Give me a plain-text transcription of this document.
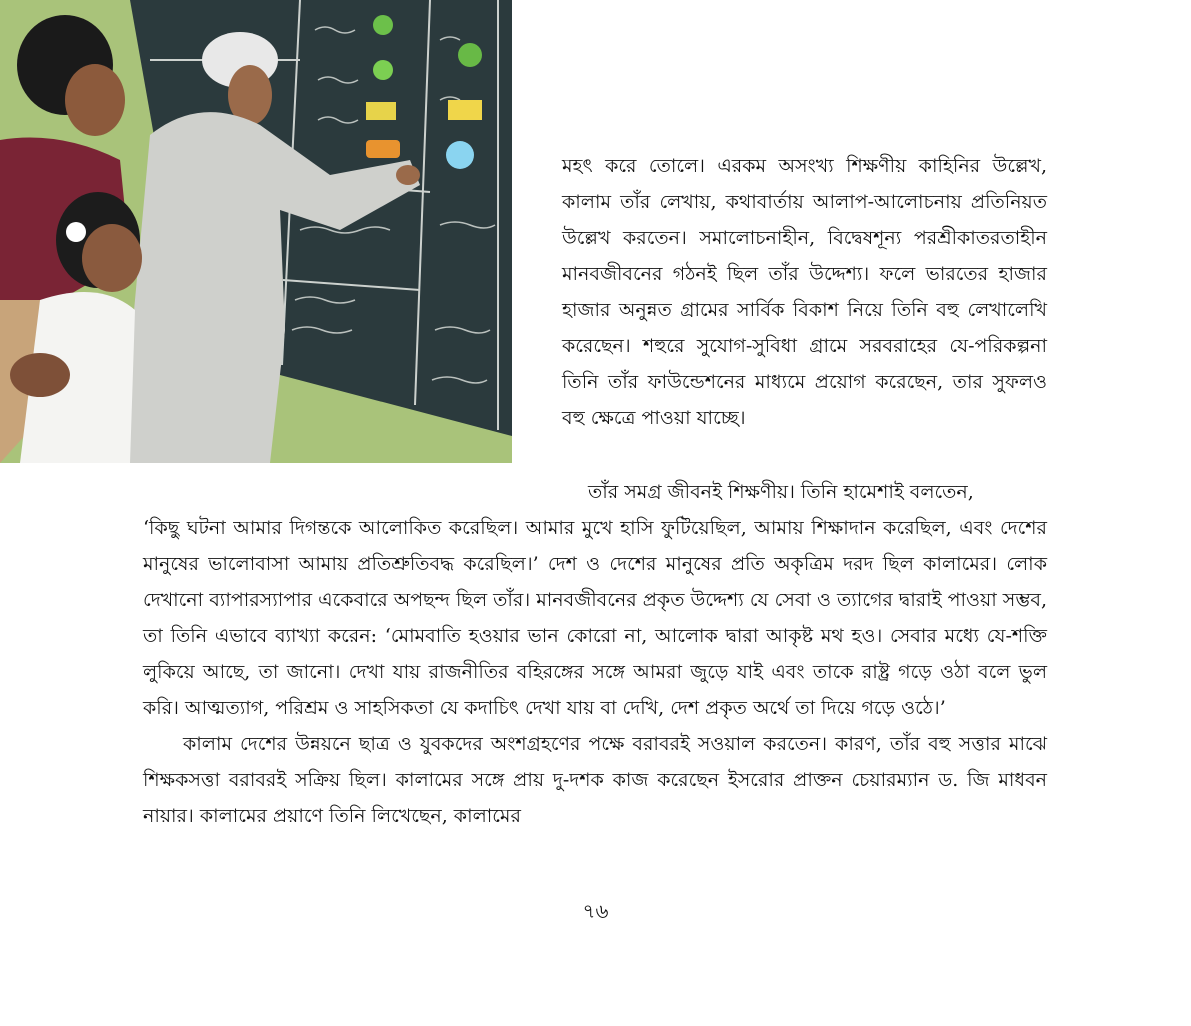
মহৎ করে তোলে। এরকম অসংখ্য শিক্ষণীয় কাহিনির উল্লেখ, কালাম তাঁর লেখায়, কথাবার্তায় আলাপ-আলোচনায় প্রতিনিয়ত উল্লেখ করতেন। সমালোচনাহীন, বিদ্বেষশূন্য পরশ্রীকাতরতাহীন মানবজীবনের গঠনই ছিল তাঁর উদ্দেশ্য। ফলে ভারতের হাজার হাজার অনুন্নত গ্রামের সার্বিক বিকাশ নিয়ে তিনি বহু লেখালেখি করেছেন। শহুরে সুযোগ-সুবিধা গ্রামে সরবরাহের যে-পরিকল্পনা তিনি তাঁর ফাউন্ডেশনের মাধ্যমে প্রয়োগ করেছেন, তার সুফলও বহু ক্ষেত্রে পাওয়া যাচ্ছে।

তাঁর সমগ্র জীবনই শিক্ষণীয়। তিনি হামেশাই বলতেন,

‘কিছু ঘটনা আমার দিগন্তকে আলোকিত করেছিল। আমার মুখে হাসি ফুটিয়েছিল, আমায় শিক্ষাদান করেছিল, এবং দেশের মানুষের ভালোবাসা আমায় প্রতিশ্রুতিবদ্ধ করেছিল।’ দেশ ও দেশের মানুষের প্রতি অকৃত্রিম দরদ ছিল কালামের। লোক দেখানো ব্যাপারস্যাপার একেবারে অপছন্দ ছিল তাঁর। মানবজীবনের প্রকৃত উদ্দেশ্য যে সেবা ও ত্যাগের দ্বারাই পাওয়া সম্ভব, তা তিনি এভাবে ব্যাখ্যা করেন: ‘মোমবাতি হওয়ার ভান কোরো না, আলোক দ্বারা আকৃষ্ট মথ হও। সেবার মধ্যে যে-শক্তি লুকিয়ে আছে, তা জানো। দেখা যায় রাজনীতির বহিরঙ্গের সঙ্গে আমরা জুড়ে যাই এবং তাকে রাষ্ট্র গড়ে ওঠা বলে ভুল করি। আত্মত্যাগ, পরিশ্রম ও সাহসিকতা যে কদাচিৎ দেখা যায় বা দেখি, দেশ প্রকৃত অর্থে তা দিয়ে গড়ে ওঠে।’

কালাম দেশের উন্নয়নে ছাত্র ও যুবকদের অংশগ্রহণের পক্ষে বরাবরই সওয়াল করতেন। কারণ, তাঁর বহু সত্তার মাঝে শিক্ষকসত্তা বরাবরই সক্রিয় ছিল। কালামের সঙ্গে প্রায় দু-দশক কাজ করেছেন ইসরোর প্রাক্তন চেয়ারম্যান ড. জি মাধবন নায়ার। কালামের প্রয়াণে তিনি লিখেছেন, কালামের

৭৬
